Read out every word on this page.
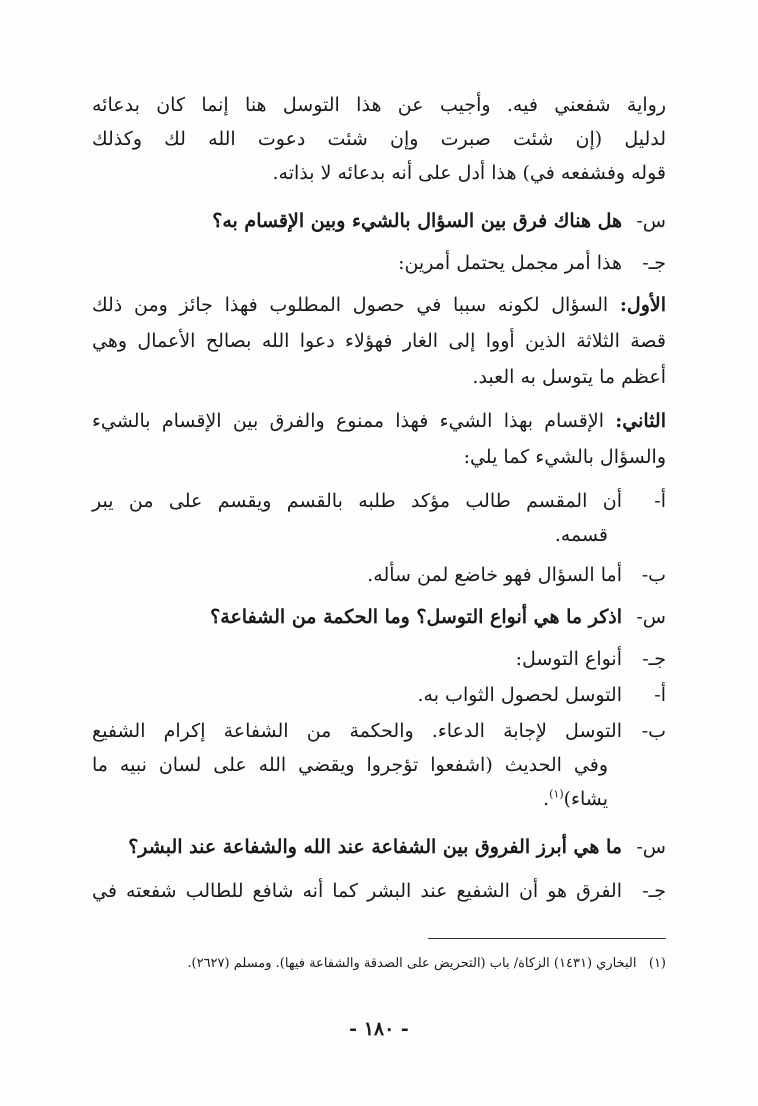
رواية شفعني فيه. وأجيب عن هذا التوسل هنا إنما كان بدعائه
لدليل (إن شئت صبرت وإن شئت دعوت الله لك وكذلك
قوله وفشفعه في) هذا أدل على أنه بدعائه لا بذاته.
س-هل هناك فرق بين السؤال بالشيء وبين الإقسام به؟
جـ-هذا أمر مجمل يحتمل أمرين:
الأول: السؤال لكونه سببا في حصول المطلوب فهذا جائز ومن ذلك
قصة الثلاثة الذين أووا إلى الغار فهؤلاء دعوا الله بصالح الأعمال وهي
أعظم ما يتوسل به العبد.
الثاني: الإقسام بهذا الشيء فهذا ممنوع والفرق بين الإقسام بالشيء
والسؤال بالشيء كما يلي:
أ-أن المقسم طالب مؤكد طلبه بالقسم ويقسم على من يبر
قسمه.
ب-أما السؤال فهو خاضع لمن سأله.
س-اذكر ما هي أنواع التوسل؟ وما الحكمة من الشفاعة؟
جـ-أنواع التوسل:
أ-التوسل لحصول الثواب به.
ب-التوسل لإجابة الدعاء. والحكمة من الشفاعة إكرام الشفيع
وفي الحديث (اشفعوا تؤجروا ويقضي الله على لسان نبيه ما
يشاء)$^{(١)}$.
س-ما هي أبرز الفروق بين الشفاعة عند الله والشفاعة عند البشر؟
جـ-الفرق هو أن الشفيع عند البشر كما أنه شافع للطالب شفعته في
(١)   البخاري (١٤٣١) الزكاة/ باب (التحريض على الصدقة والشفاعة فيها). ومسلم (٢٦٢٧).
- ١٨٠ -
